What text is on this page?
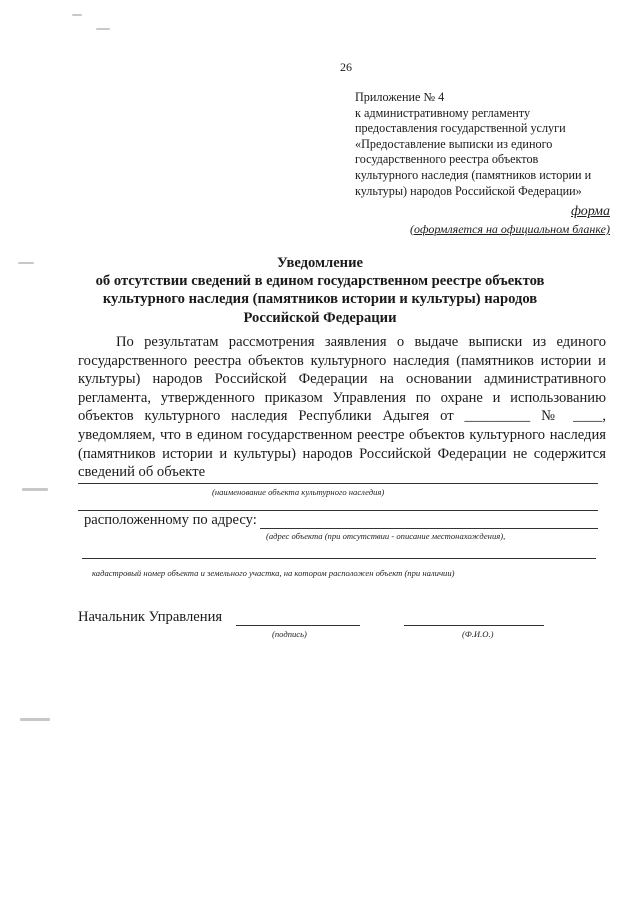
26
Приложение № 4
к административному регламенту
предоставления государственной услуги
«Предоставление выписки из единого
государственного реестра объектов
культурного наследия (памятников истории и
культуры) народов Российской Федерации»
форма
(оформляется на официальном бланке)
Уведомление
об отсутствии сведений в едином государственном реестре объектов
культурного наследия (памятников истории и культуры) народов
Российской Федерации
По результатам рассмотрения заявления о выдаче выписки из единого государственного реестра объектов культурного наследия (памятников истории и культуры) народов Российской Федерации на основании административного регламента, утвержденного приказом Управления по охране и использованию объектов культурного наследия Республики Адыгея от _________ № ____, уведомляем, что в едином государственном реестре объектов культурного наследия (памятников истории и культуры) народов Российской Федерации не содержится сведений об объекте
(наименование объекта культурного наследия)
расположенному по адресу:
(адрес объекта (при отсутствии - описание местонахождения),
кадастровый номер объекта и земельного участка, на котором расположен объект (при наличии)
Начальник Управления
(подпись)	(Ф.И.О.)
